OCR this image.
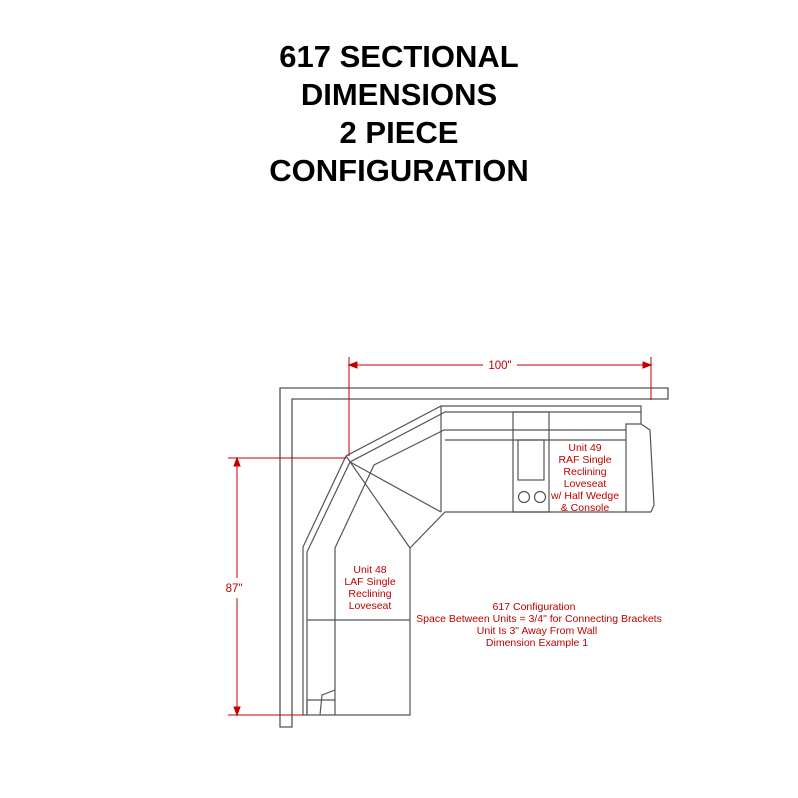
617 SECTIONAL
DIMENSIONS
2 PIECE
CONFIGURATION
100"
87"
Unit 49
RAF Single
Reclining
Loveseat
w/ Half Wedge
& Console
Unit 48
LAF Single
Reclining
Loveseat	617 Configuration
Space Between Units = 3/4" for Connecting Brackets
Unit Is 3" Away From Wall
Dimension Example 1
